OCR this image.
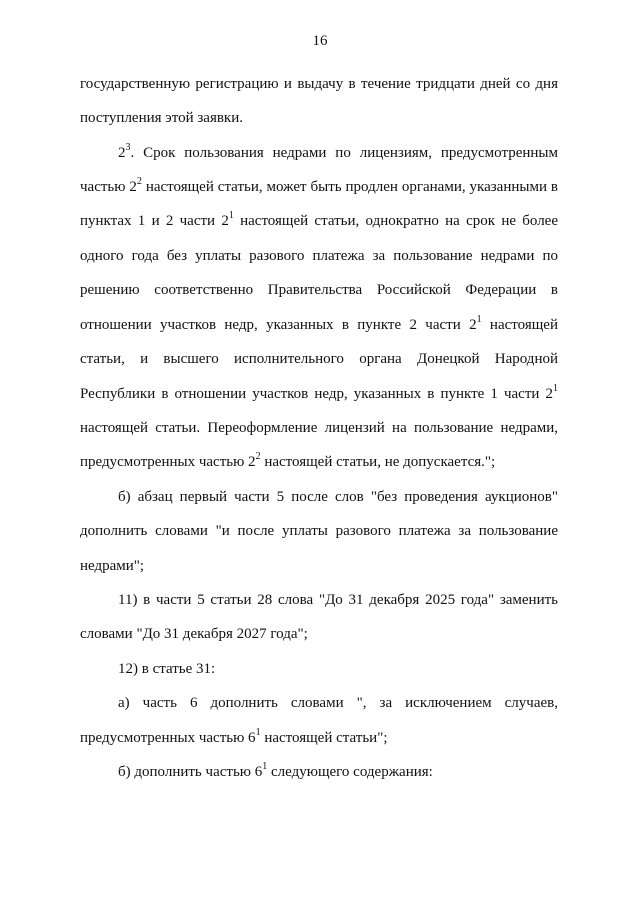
16
государственную регистрацию и выдачу в течение тридцати дней со дня
поступления этой заявки.
$2^3$. Срок пользования недрами по лицензиям, предусмотренным
частью $2^2$ настоящей статьи, может быть продлен органами, указанными в
пунктах 1 и 2 части $2^1$ настоящей статьи, однократно на срок не более
одного года без уплаты разового платежа за пользование недрами по
решению соответственно Правительства Российской Федерации в
отношении участков недр, указанных в пункте 2 части $2^1$ настоящей
статьи, и высшего исполнительного органа Донецкой Народной
Республики в отношении участков недр, указанных в пункте 1 части $2^1$
настоящей статьи. Переоформление лицензий на пользование недрами,
предусмотренных частью $2^2$ настоящей статьи, не допускается.";
б) абзац первый части 5 после слов "без проведения аукционов"
дополнить словами "и после уплаты разового платежа за пользование
недрами";
11) в части 5 статьи 28 слова "До 31 декабря 2025 года" заменить
словами "До 31 декабря 2027 года";
12) в статье 31:
а) часть 6 дополнить словами ", за исключением случаев,
предусмотренных частью $6^1$ настоящей статьи";
б) дополнить частью $6^1$ следующего содержания:
